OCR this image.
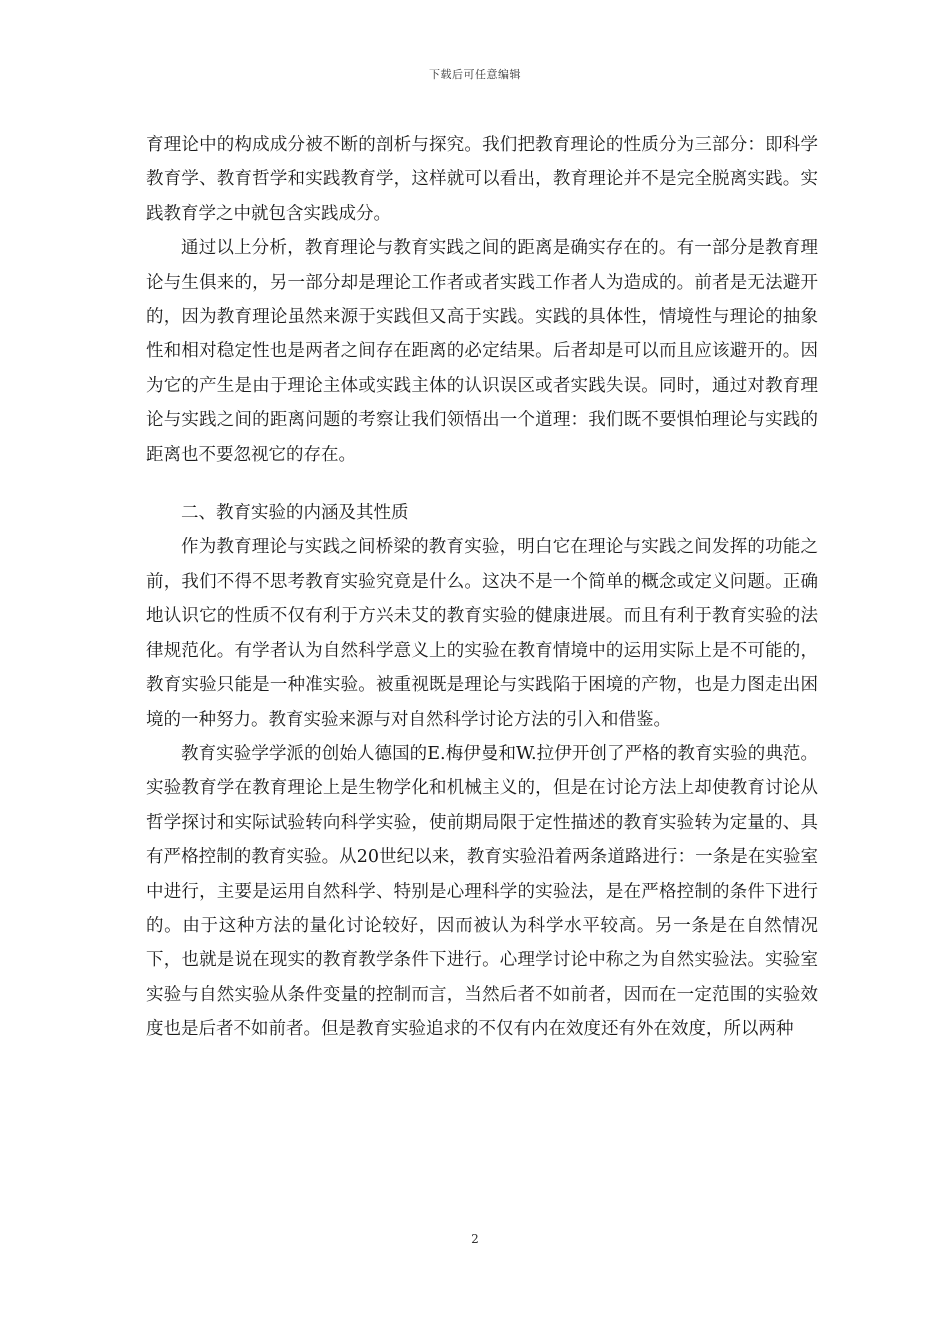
下载后可任意编辑

育理论中的构成成分被不断的剖析与探究。我们把教育理论的性质分为三部分：即科学教育学、教育哲学和实践教育学，这样就可以看出，教育理论并不是完全脱离实践。实践教育学之中就包含实践成分。

通过以上分析，教育理论与教育实践之间的距离是确实存在的。有一部分是教育理论与生俱来的，另一部分却是理论工作者或者实践工作者人为造成的。前者是无法避开的，因为教育理论虽然来源于实践但又高于实践。实践的具体性，情境性与理论的抽象性和相对稳定性也是两者之间存在距离的必定结果。后者却是可以而且应该避开的。因为它的产生是由于理论主体或实践主体的认识误区或者实践失误。同时，通过对教育理论与实践之间的距离问题的考察让我们领悟出一个道理：我们既不要惧怕理论与实践的距离也不要忽视它的存在。

二、教育实验的内涵及其性质

作为教育理论与实践之间桥梁的教育实验，明白它在理论与实践之间发挥的功能之前，我们不得不思考教育实验究竟是什么。这决不是一个简单的概念或定义问题。正确地认识它的性质不仅有利于方兴未艾的教育实验的健康进展。而且有利于教育实验的法律规范化。有学者认为自然科学意义上的实验在教育情境中的运用实际上是不可能的，教育实验只能是一种准实验。被重视既是理论与实践陷于困境的产物，也是力图走出困境的一种努力。教育实验来源与对自然科学讨论方法的引入和借鉴。

教育实验学学派的创始人德国的E.梅伊曼和W.拉伊开创了严格的教育实验的典范。实验教育学在教育理论上是生物学化和机械主义的，但是在讨论方法上却使教育讨论从哲学探讨和实际试验转向科学实验，使前期局限于定性描述的教育实验转为定量的、具有严格控制的教育实验。从20世纪以来，教育实验沿着两条道路进行：一条是在实验室中进行，主要是运用自然科学、特别是心理科学的实验法，是在严格控制的条件下进行的。由于这种方法的量化讨论较好，因而被认为科学水平较高。另一条是在自然情况下，也就是说在现实的教育教学条件下进行。心理学讨论中称之为自然实验法。实验室实验与自然实验从条件变量的控制而言，当然后者不如前者，因而在一定范围的实验效度也是后者不如前者。但是教育实验追求的不仅有内在效度还有外在效度，所以两种

2
